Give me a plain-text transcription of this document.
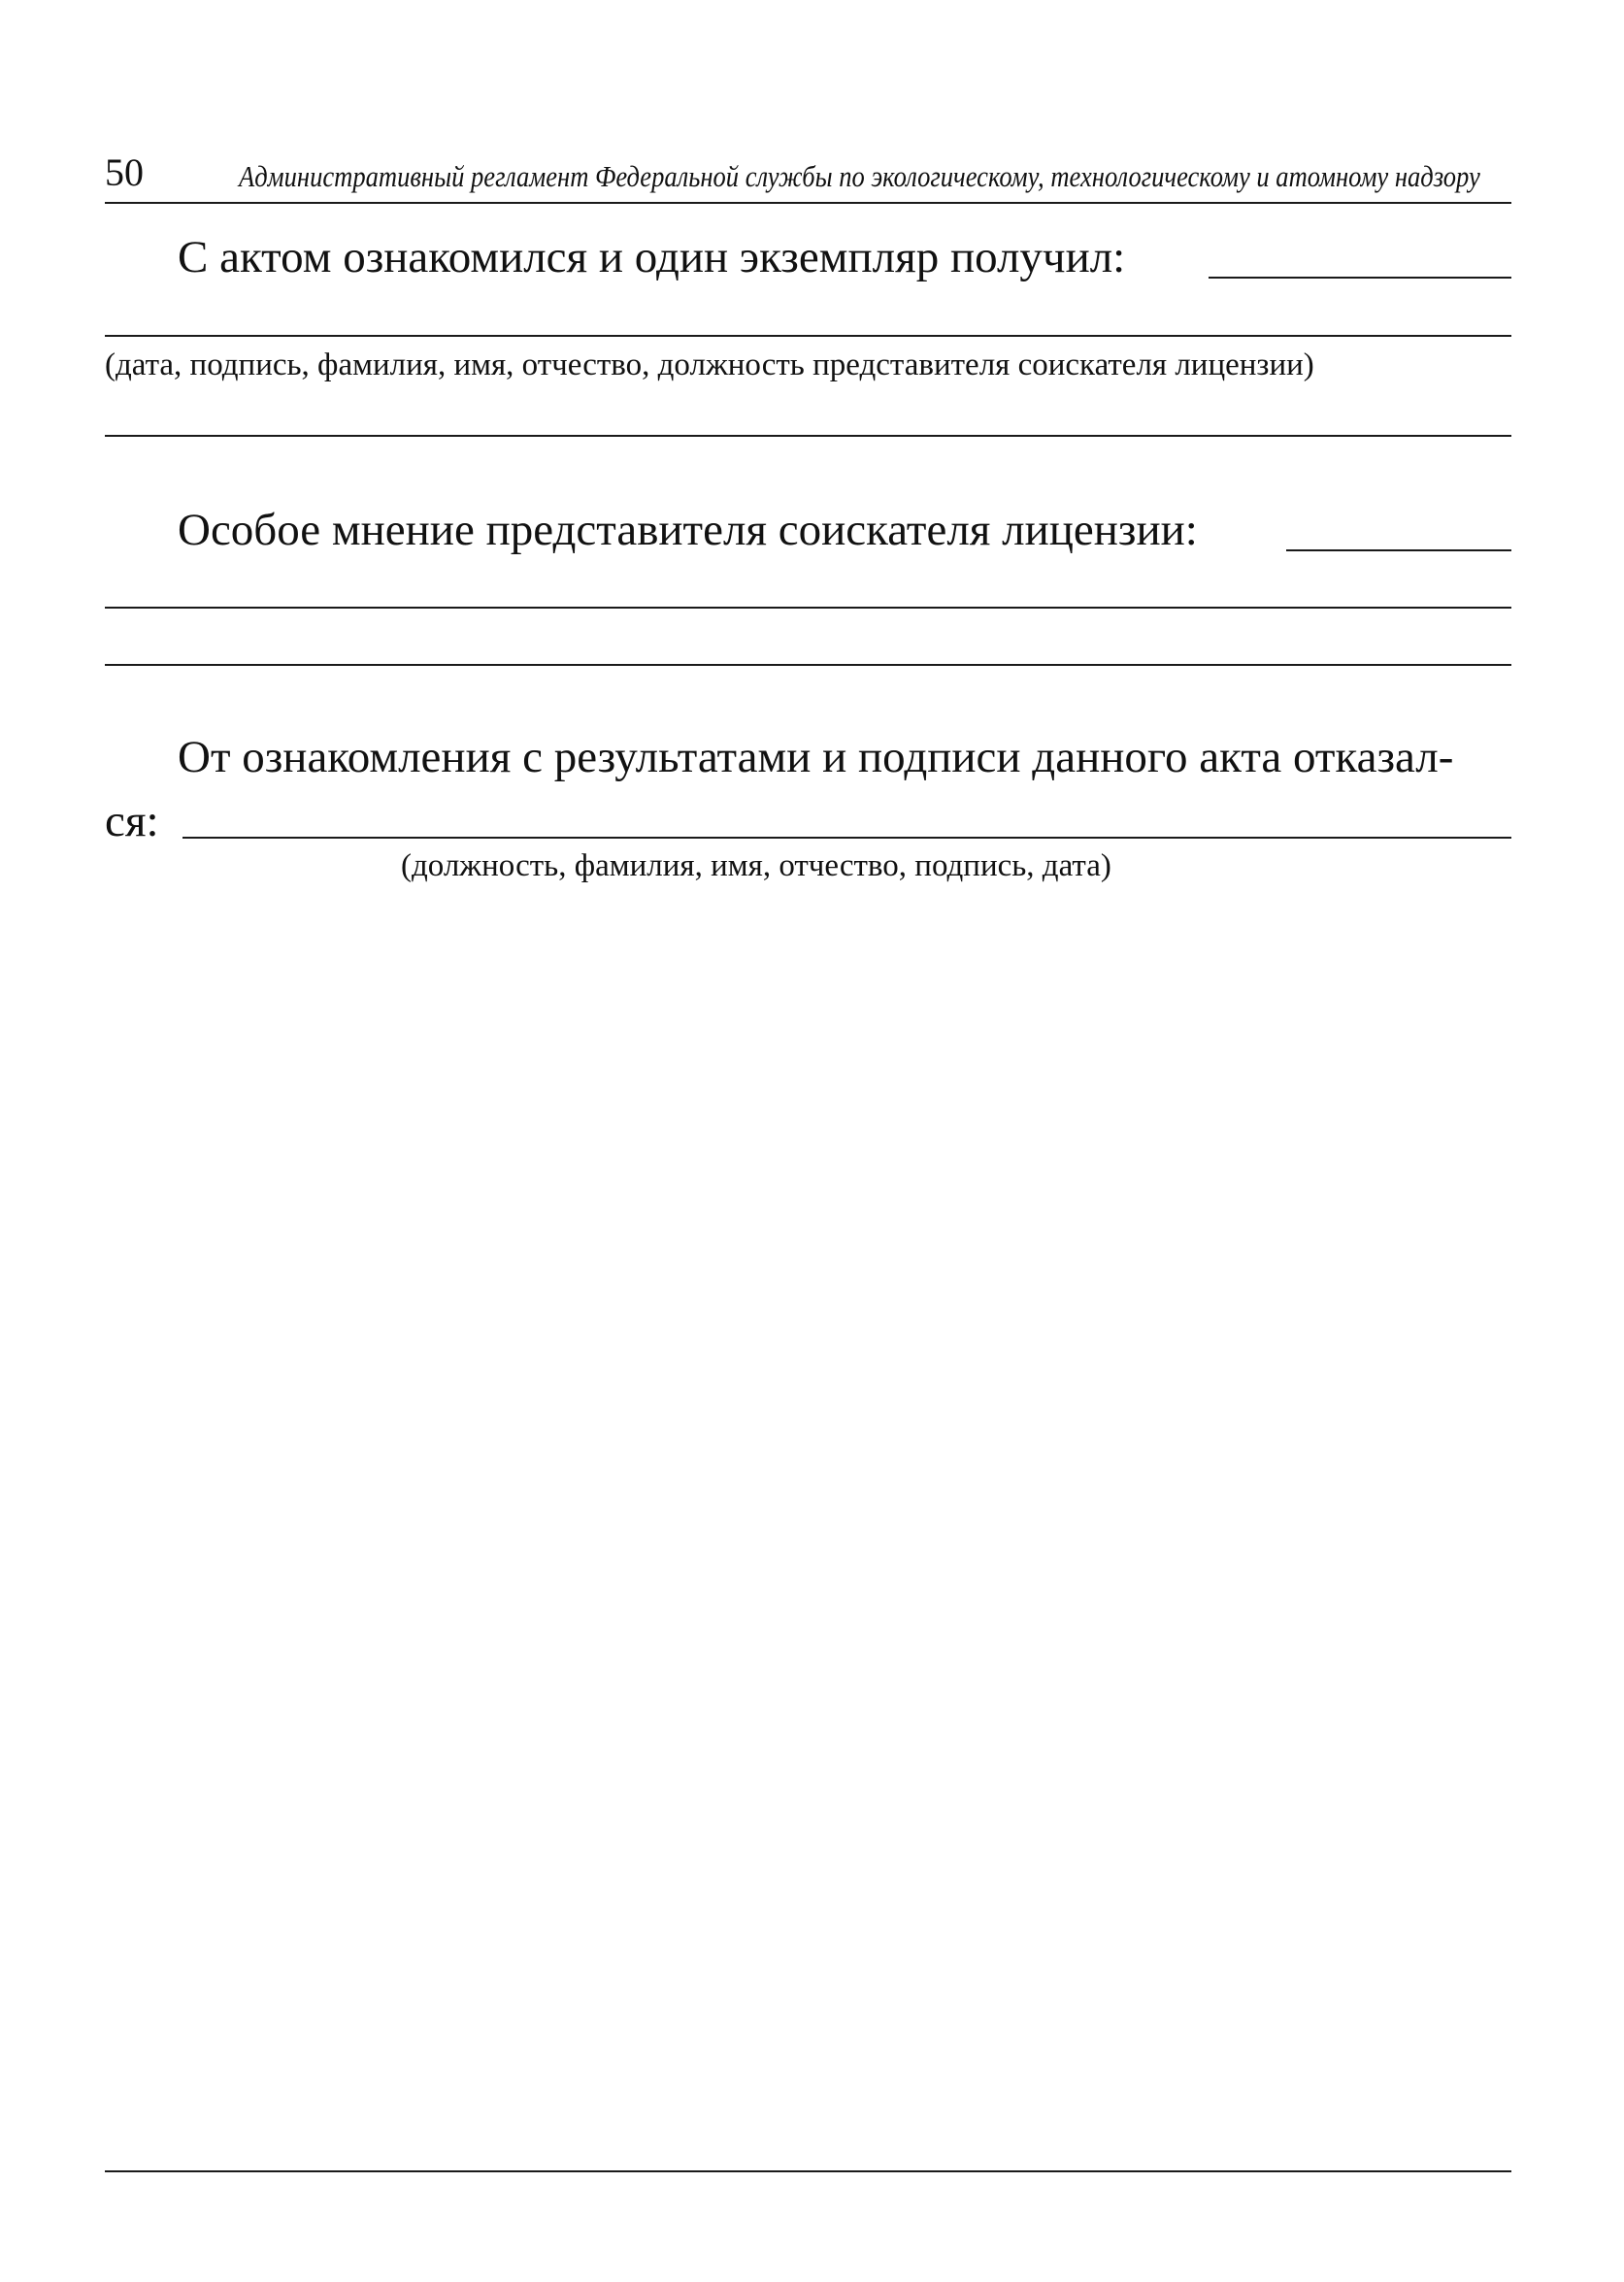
50	Административный регламент Федеральной службы по экологическому, технологическому и атомному надзору
С актом ознакомился и один экземпляр получил:
(дата, подпись, фамилия, имя, отчество, должность представителя соискателя лицензии)
Особое мнение представителя соискателя лицензии:
От ознакомления с результатами и подписи данного акта отказал-
ся:
(должность, фамилия, имя, отчество, подпись, дата)
